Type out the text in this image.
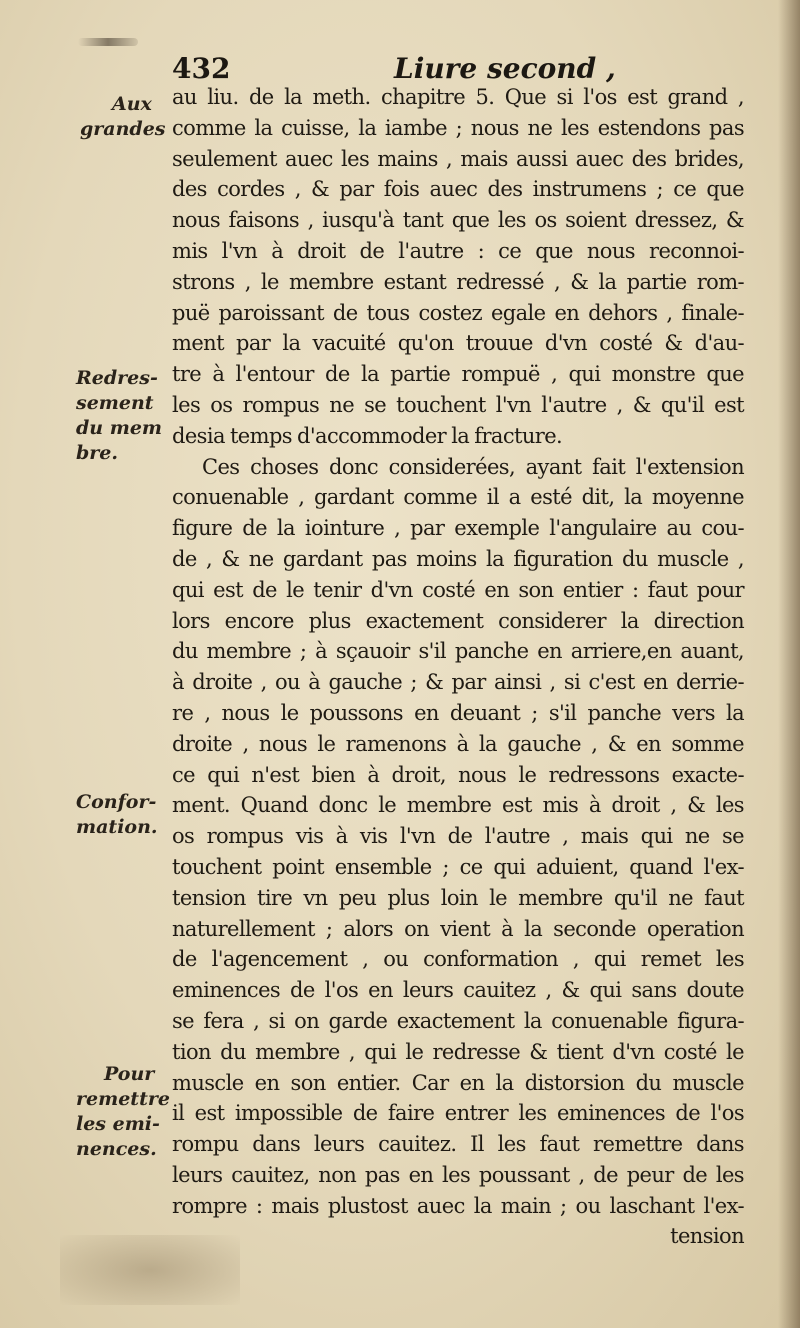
432	Liure second ,
Aux
grandes
Redres-
sement
du mem
bre.
Confor-
mation.
Pour
remettre
les emi-
nences.
au liu. de la meth. chapitre 5. Que si l'os est grand ,
comme la cuisse, la iambe ; nous ne les estendons pas
seulement auec les mains , mais aussi auec des brides,
des cordes , & par fois auec des instrumens ; ce que
nous faisons , iusqu'à tant que les os soient dressez, &
mis l'vn à droit de l'autre : ce que nous reconnoi-
strons , le membre estant redressé , & la partie rom-
puë paroissant de tous costez egale en dehors , finale-
ment par la vacuité qu'on trouue d'vn costé & d'au-
tre à l'entour de la partie rompuë , qui monstre que
les os rompus ne se touchent l'vn l'autre , & qu'il est
desia temps d'accommoder la fracture.
Ces choses donc considerées, ayant fait l'extension
conuenable , gardant comme il a esté dit, la moyenne
figure de la iointure , par exemple l'angulaire au cou-
de , & ne gardant pas moins la figuration du muscle ,
qui est de le tenir d'vn costé en son entier : faut pour
lors encore plus exactement considerer la direction
du membre ; à sçauoir s'il panche en arriere,en auant,
à droite , ou à gauche ; & par ainsi , si c'est en derrie-
re , nous le poussons en deuant ; s'il panche vers la
droite , nous le ramenons à la gauche , & en somme
ce qui n'est bien à droit, nous le redressons exacte-
ment. Quand donc le membre est mis à droit , & les
os rompus vis à vis l'vn de l'autre , mais qui ne se
touchent point ensemble ; ce qui aduient, quand l'ex-
tension tire vn peu plus loin le membre qu'il ne faut
naturellement ; alors on vient à la seconde operation
de l'agencement , ou conformation , qui remet les
eminences de l'os en leurs cauitez , & qui sans doute
se fera , si on garde exactement la conuenable figura-
tion du membre , qui le redresse & tient d'vn costé le
muscle en son entier. Car en la distorsion du muscle
il est impossible de faire entrer les eminences de l'os
rompu dans leurs cauitez. Il les faut remettre dans
leurs cauitez, non pas en les poussant , de peur de les
rompre : mais plustost auec la main ; ou laschant l'ex-
tension
